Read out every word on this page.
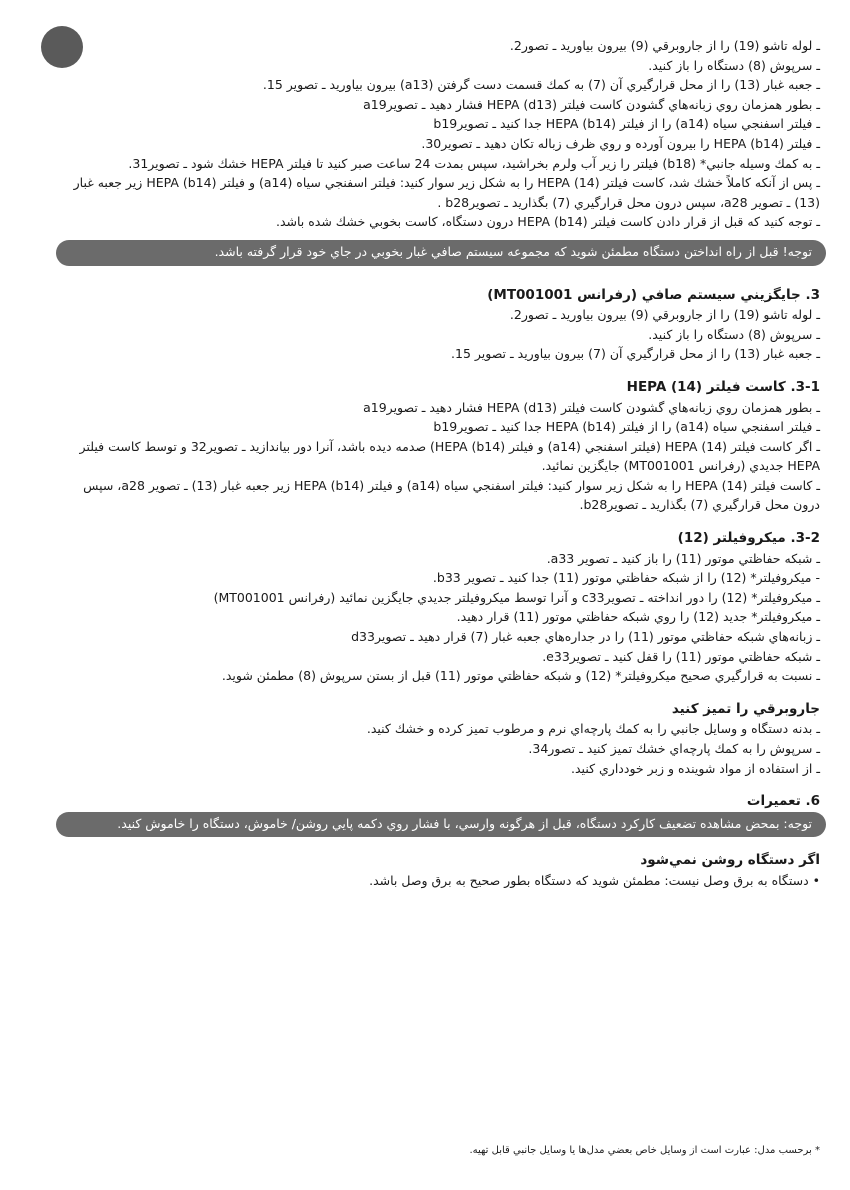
ـ لوله تاشو (19) را از جاروبرقي (9) بيرون بياوريد ـ تصور2.

ـ سرپوش (8) دستگاه را باز كنيد.

ـ جعبه غبار (13) را از محل قرارگيري آن (7) به كمك قسمت دست گرفتن (a13) بيرون بياوريد ـ تصوير 15.

ـ بطور همزمان روي زبانه‌هاي گشودن كاست فيلتر HEPA (d13) فشار دهيد ـ تصويرa19

ـ فيلتر اسفنجي سياه (a14) را از فيلتر HEPA (b14) جدا كنيد ـ تصويرb19

ـ فيلتر HEPA (b14) را بيرون آورده و روي ظرف زباله تكان دهيد ـ تصوير30.

ـ به كمك وسيله جانبي* (b18) فيلتر را زير آب ولرم بخراشيد، سپس بمدت 24 ساعت صبر كنيد تا فيلتر HEPA خشك شود ـ تصوير31.

ـ پس از آنكه كاملاً خشك شد، كاست فيلتر HEPA (14) را به شكل زير سوار كنيد: فيلتر اسفنجي سياه (a14) و فيلتر HEPA (b14) زير جعبه غبار (13) ـ تصوير a28، سپس درون محل قرارگيري (7) بگذاريد ـ تصويرb28 .

ـ توجه كنيد كه قبل از قرار دادن كاست فيلتر HEPA (b14) درون دستگاه، كاست بخوبي خشك شده باشد.

توجه! قبل از راه انداختن دستگاه مطمئن شويد كه مجموعه سيستم صافي غبار بخوبي در جاي خود قرار گرفته باشد.

3. جايگزيني سيستم صافي (رفرانس MT001001)

ـ لوله تاشو (19) را از جاروبرقي (9) بيرون بياوريد ـ تصور2.

ـ سرپوش (8) دستگاه را باز كنيد.

ـ جعبه غبار (13) را از محل قرارگيري آن (7) بيرون بياوريد ـ تصوير 15.

3-1. كاست فيلتر HEPA (14)

ـ بطور همزمان روي زبانه‌هاي گشودن كاست فيلتر HEPA (d13) فشار دهيد ـ تصويرa19

ـ فيلتر اسفنجي سياه (a14) را از فيلتر HEPA (b14) جدا كنيد ـ تصويرb19

ـ اگر كاست فيلتر HEPA (14) (فيلتر اسفنجي (a14) و فيلتر HEPA (b14)) صدمه ديده باشد، آنرا دور بياندازيد ـ تصوير32 و توسط كاست فيلتر HEPA جديدي (رفرانس MT001001) جايگزين نمائيد.

ـ كاست فيلتر HEPA (14) را به شكل زير سوار كنيد: فيلتر اسفنجي سياه (a14) و فيلتر HEPA (b14) زير جعبه غبار (13) ـ تصوير a28، سپس درون محل قرارگيري (7) بگذاريد ـ تصويرb28.

3-2. ميكروفيلتر (12)

ـ شبكه حفاظتي موتور (11) را باز كنيد ـ تصوير a33.

- ميكروفيلتر* (12) را از شبكه حفاظتي موتور (11) جدا كنيد ـ تصوير b33.

ـ ميكروفيلتر* (12) را دور انداخته ـ تصويرc33 و آنرا توسط ميكروفيلتر جديدي جايگزين نمائيد (رفرانس MT001001)

ـ ميكروفيلتر* جديد (12) را روي شبكه حفاظتي موتور (11) قرار دهيد.

ـ زبانه‌هاي شبكه حفاظتي موتور (11) را در جداره‌هاي جعبه غبار (7) قرار دهيد ـ تصويرd33

ـ شبكه حفاظتي موتور (11) را قفل كنيد ـ تصويرe33.

ـ نسبت به قرارگيري صحيح ميكروفيلتر* (12) و شبكه حفاظتي موتور (11) قبل از بستن سرپوش (8) مطمئن شويد.

جاروبرقي را تميز كنيد

ـ بدنه دستگاه و وسايل جانبي را به كمك پارچه‌اي نرم و مرطوب تميز كرده و خشك كنيد.

ـ سرپوش را به كمك پارچه‌اي خشك تميز كنيد ـ تصور34.

ـ از استفاده از مواد شوينده و زبر خودداري كنيد.

6. تعميرات

توجه: بمحض مشاهده تضعيف كاركرد دستگاه، قبل از هرگونه وارسي، با فشار روي دكمه پايي روشن/ خاموش، دستگاه را خاموش كنيد.

اگر دستگاه روشن نمي‌شود

• دستگاه به برق وصل نيست: مطمئن شويد كه دستگاه بطور صحيح به برق وصل باشد.

* برحسب مدل: عبارت است از وسايل خاص بعضي مدل‌ها يا وسايل جانبي قابل تهيه.
